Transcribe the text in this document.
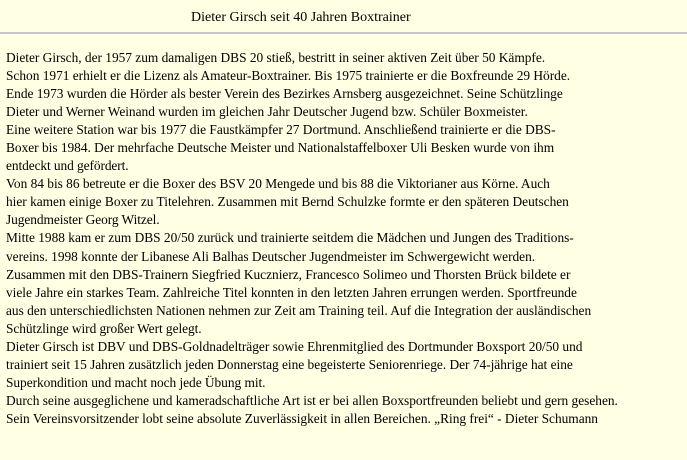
Dieter Girsch seit 40 Jahren Boxtrainer
Dieter Girsch, der 1957 zum damaligen DBS 20 stieß, bestritt in seiner aktiven Zeit über 50 Kämpfe.
Schon 1971 erhielt er die Lizenz als Amateur-Boxtrainer. Bis 1975 trainierte er die Boxfreunde 29 Hörde.
Ende 1973 wurden die Hörder als bester Verein des Bezirkes Arnsberg ausgezeichnet. Seine Schützlinge
Dieter und Werner Weinand wurden im gleichen Jahr Deutscher Jugend bzw. Schüler Boxmeister.
Eine weitere Station war bis 1977 die Faustkämpfer 27 Dortmund. Anschließend trainierte er die DBS-
Boxer bis 1984. Der mehrfache Deutsche Meister und Nationalstaffelboxer Uli Besken wurde von ihm
entdeckt und gefördert.
Von 84 bis 86 betreute er die Boxer des BSV 20 Mengede und bis 88 die Viktorianer aus Körne. Auch
hier kamen einige Boxer zu Titelehren. Zusammen mit Bernd Schulzke formte er den späteren Deutschen
Jugendmeister Georg Witzel.
Mitte 1988 kam er zum DBS 20/50 zurück und trainierte seitdem die Mädchen und Jungen des Traditions-
vereins. 1998 konnte der Libanese Ali Balhas Deutscher Jugendmeister im Schwergewicht werden.
Zusammen mit den DBS-Trainern Siegfried Kucznierz, Francesco Solimeo und Thorsten Brück bildete er
viele Jahre ein starkes Team. Zahlreiche Titel konnten in den letzten Jahren errungen werden. Sportfreunde
aus den unterschiedlichsten Nationen nehmen zur Zeit am Training teil. Auf die Integration der ausländischen
Schützlinge wird großer Wert gelegt.
Dieter Girsch ist DBV und DBS-Goldnadelträger sowie Ehrenmitglied des Dortmunder Boxsport 20/50 und
trainiert seit 15 Jahren zusätzlich jeden Donnerstag eine begeisterte Seniorenriege. Der 74-jährige hat eine
Superkondition und macht noch jede Übung mit.
Durch seine ausgeglichene und kameradschaftliche Art ist er bei allen Boxsportfreunden beliebt und gern gesehen.
Sein Vereinsvorsitzender lobt seine absolute Zuverlässigkeit in allen Bereichen. „Ring frei“ - Dieter Schumann
